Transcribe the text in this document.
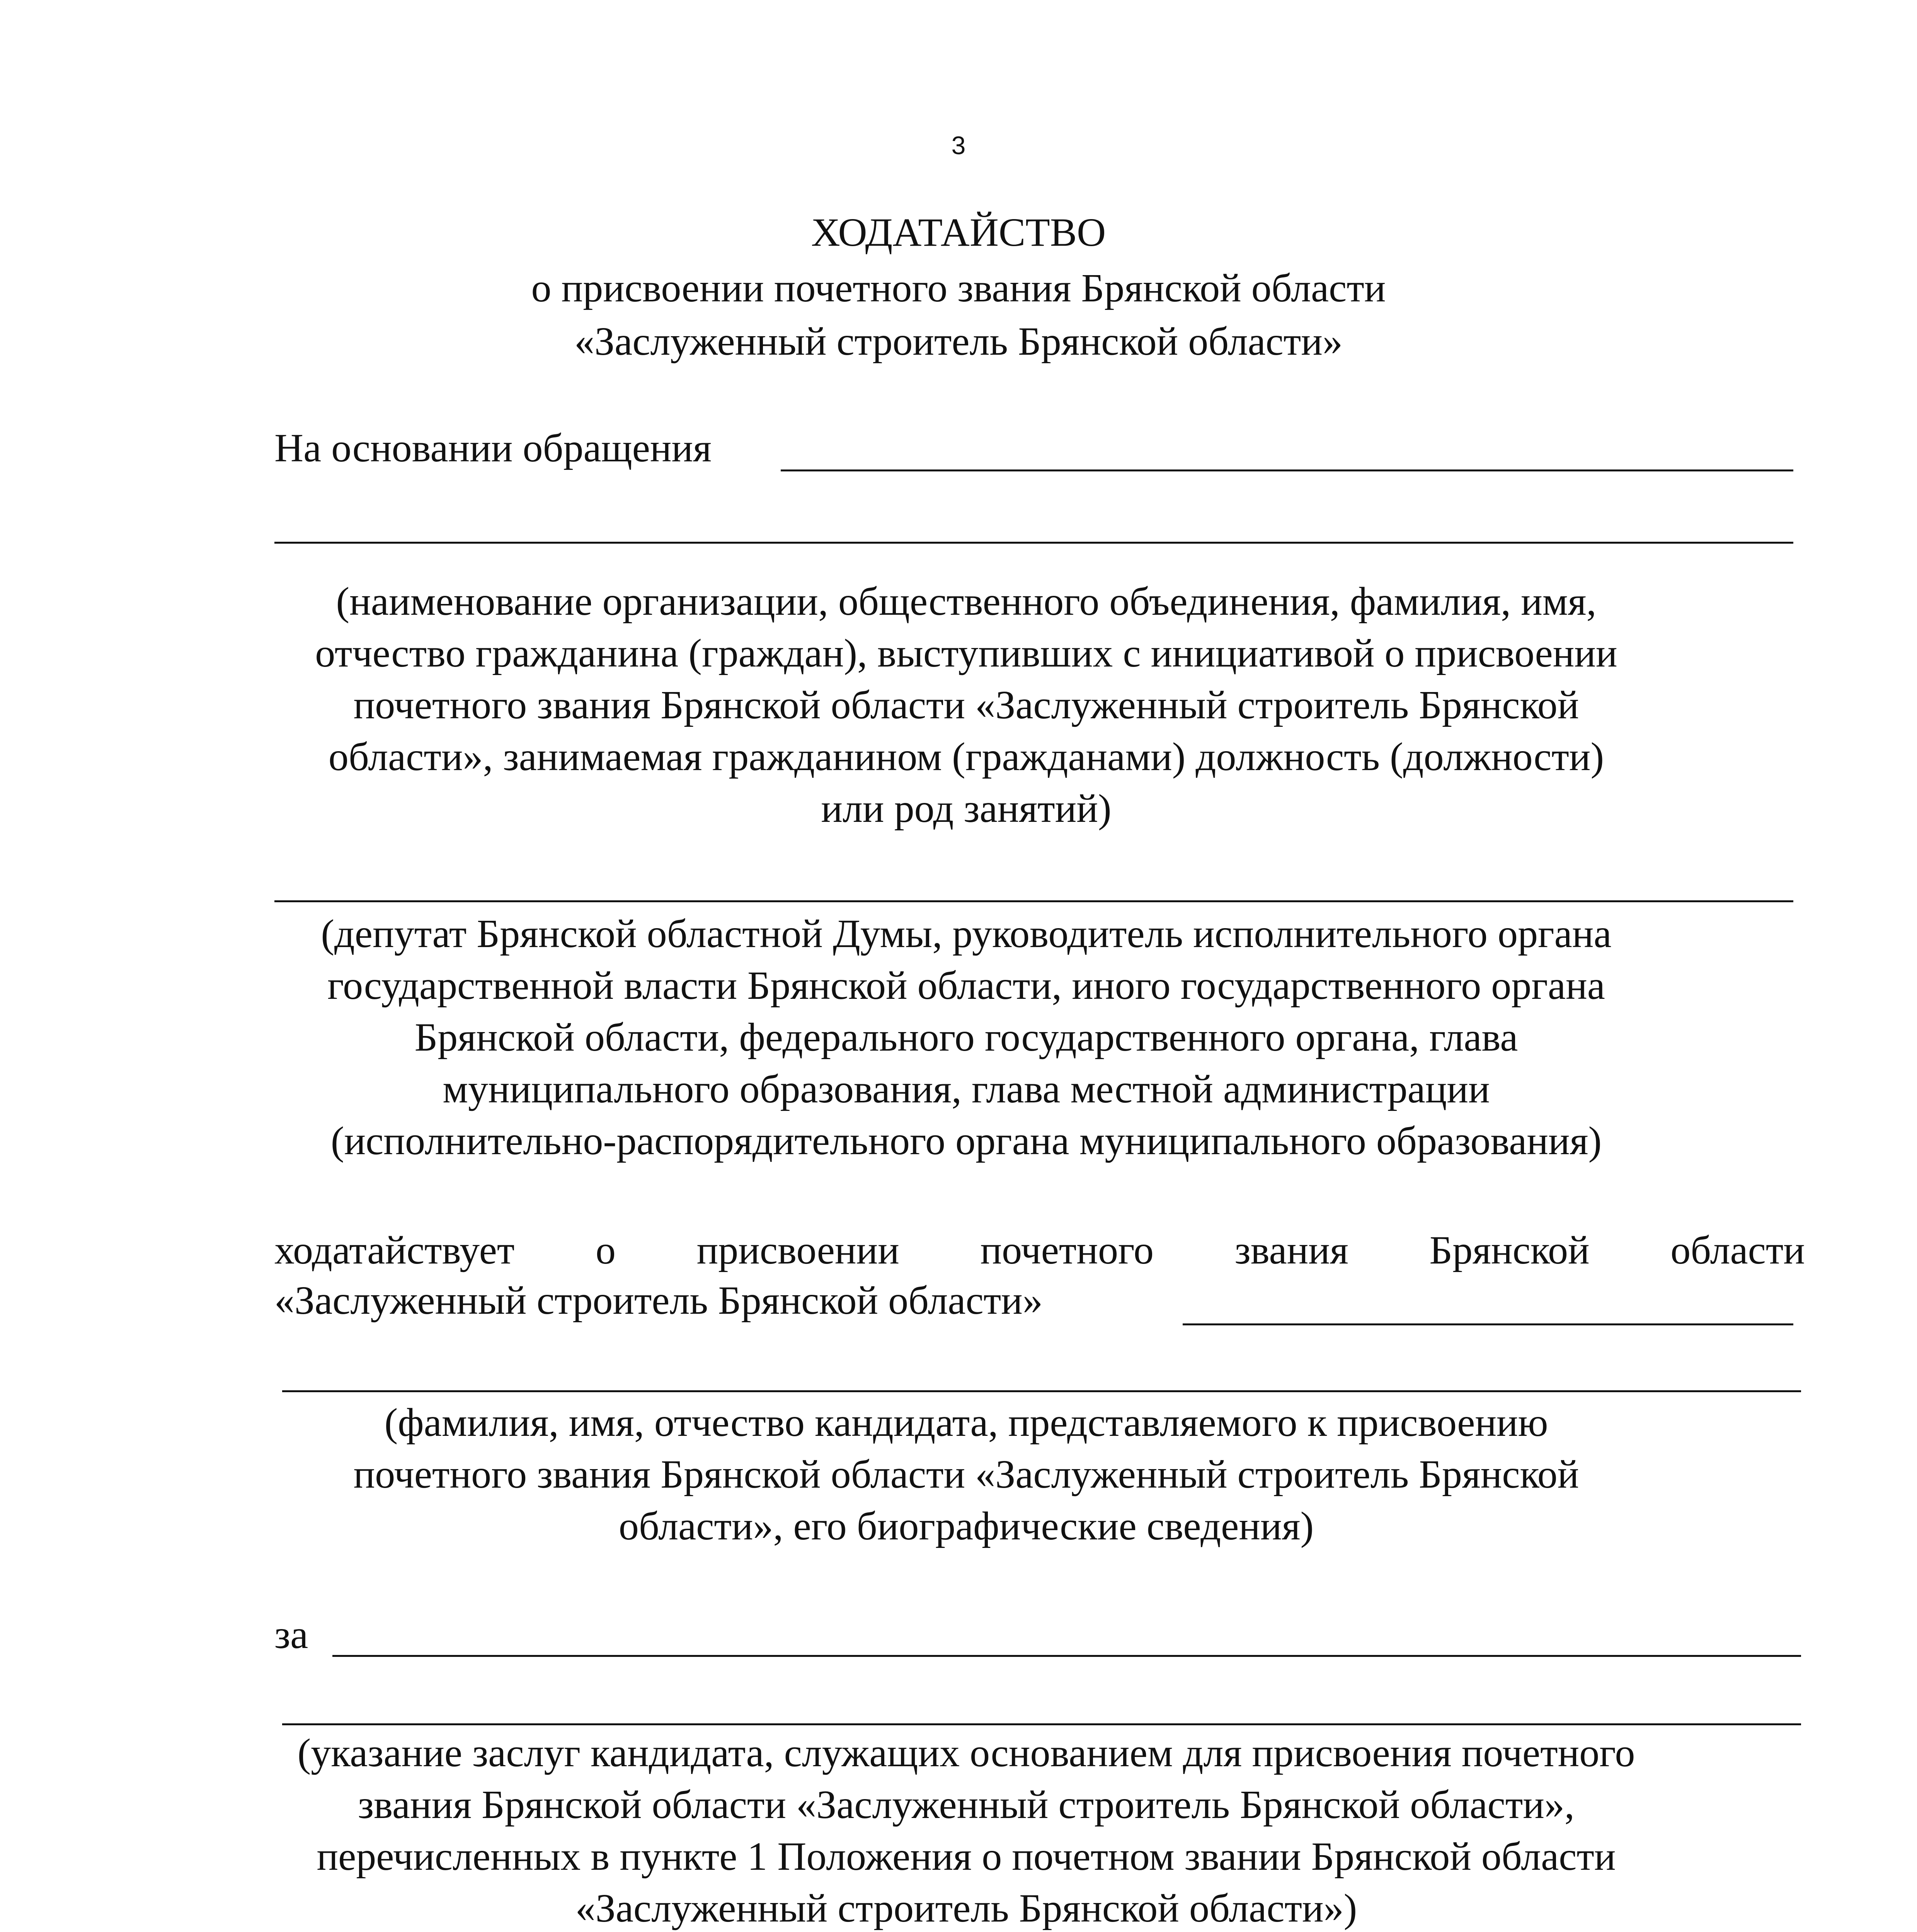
3
ХОДАТАЙСТВО
о присвоении почетного звания Брянской области
«Заслуженный строитель Брянской области»
На основании обращения
(наименование организации, общественного объединения, фамилия, имя,
отчество гражданина (граждан), выступивших с инициативой о присвоении
почетного звания Брянской области «Заслуженный строитель Брянской
области», занимаемая гражданином (гражданами) должность (должности)
или род занятий)
(депутат Брянской областной Думы, руководитель исполнительного органа
государственной власти Брянской области, иного государственного органа
Брянской области, федерального государственного органа, глава
муниципального образования, глава местной администрации
(исполнительно-распорядительного органа муниципального образования)
ходатайствует о присвоении почетного звания Брянской области
«Заслуженный строитель Брянской области»
(фамилия, имя, отчество кандидата, представляемого к присвоению
почетного звания Брянской области «Заслуженный строитель Брянской
области», его биографические сведения)
за
(указание заслуг кандидата, служащих основанием для присвоения почетного
звания Брянской области «Заслуженный строитель Брянской области»,
перечисленных в пункте 1 Положения о почетном звании Брянской области
«Заслуженный строитель Брянской области»)
